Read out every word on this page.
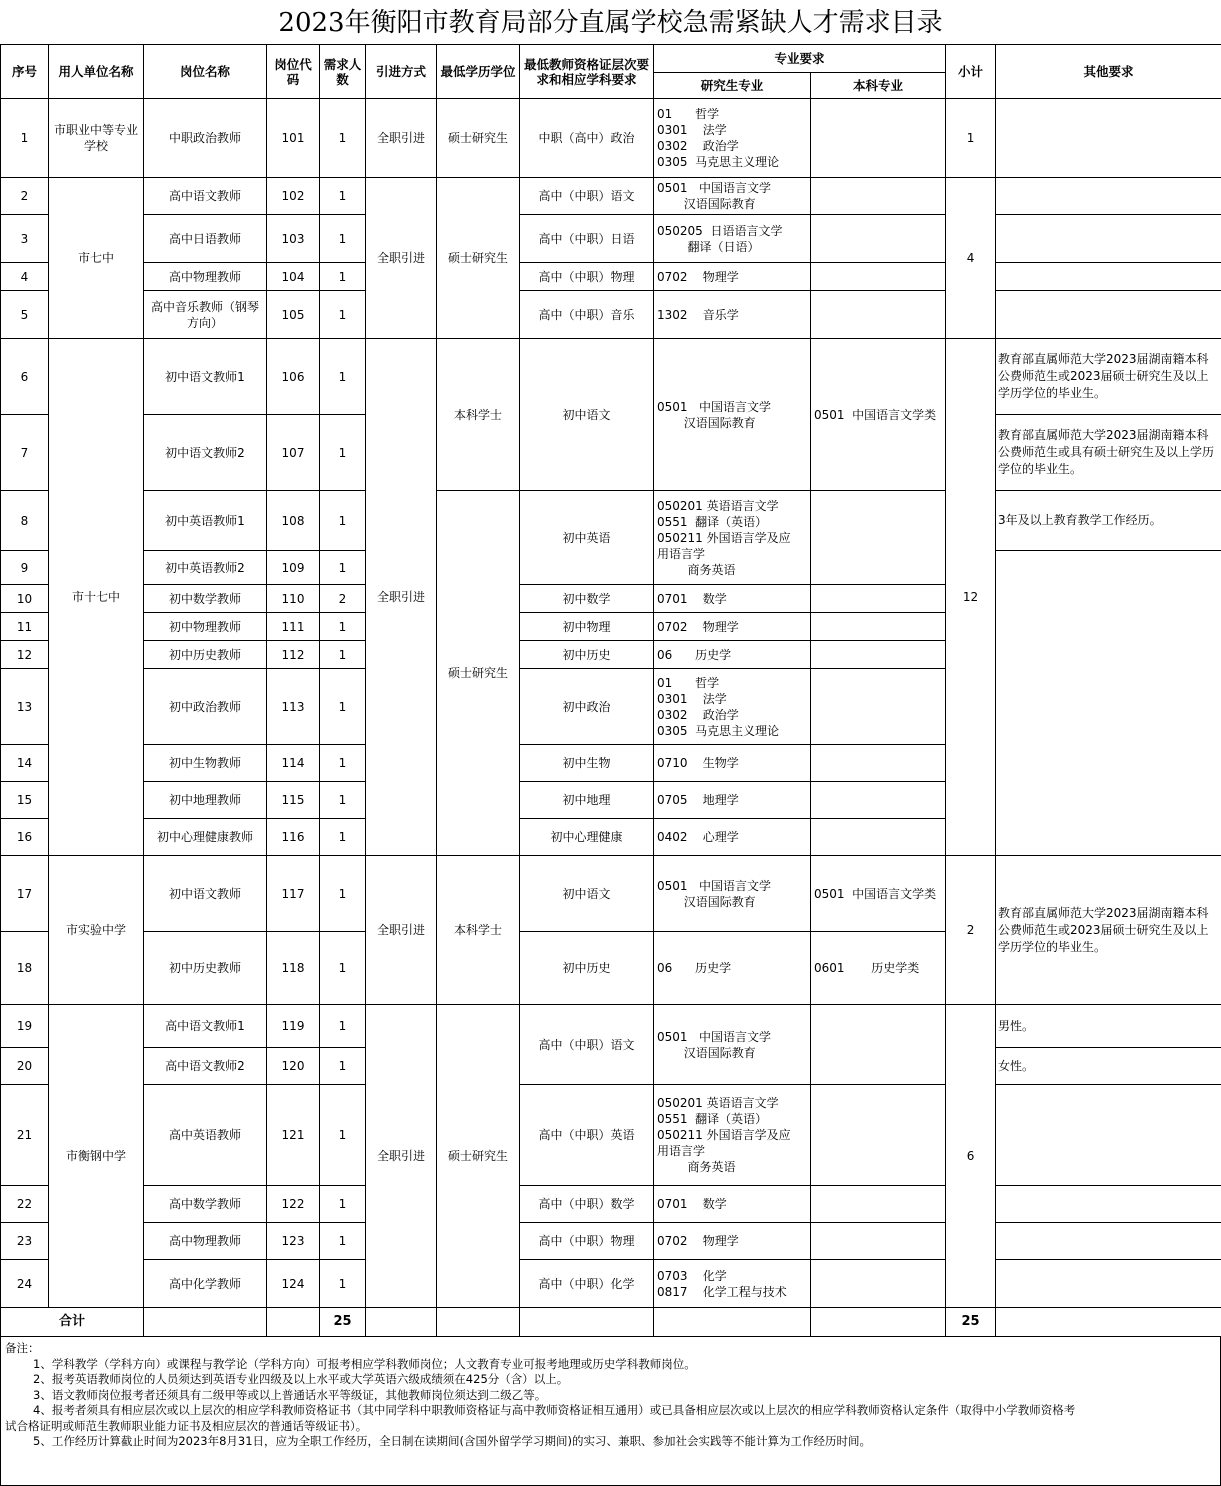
2023年衡阳市教育局部分直属学校急需紧缺人才需求目录
序号	用人单位名称	岗位名称	岗位代码	需求人数	引进方式	最低学历学位	最低教师资格证层次要求和相应学科要求	专业要求		小计	其他要求
								研究生专业	本科专业		
1	市职业中等专业学校	中职政治教师	101	1	全职引进	硕士研究生	中职（高中）政治	01      哲学
0301    法学
0302    政治学
0305  马克思主义理论		1	
2	市七中	高中语文教师	102	1	全职引进	硕士研究生	高中（中职）语文	0501   中国语言文学
汉语国际教育		4	
3		高中日语教师	103	1			高中（中职）日语	050205  日语语言文学
翻译（日语）			
4		高中物理教师	104	1			高中（中职）物理	0702    物理学			
5		高中音乐教师（钢琴方向）	105	1			高中（中职）音乐	1302    音乐学			
6	市十七中	初中语文教师1	106	1	全职引进	本科学士	初中语文	0501   中国语言文学
汉语国际教育	0501  中国语言文学类	12	教育部直属师范大学2023届湖南籍本科公费师范生或2023届硕士研究生及以上学历学位的毕业生。
7		初中语文教师2	107	1							教育部直属师范大学2023届湖南籍本科公费师范生或具有硕士研究生及以上学历学位的毕业生。
8		初中英语教师1	108	1		硕士研究生	初中英语	050201 英语语言文学
0551  翻译（英语）
050211 外国语言学及应
用语言学
商务英语			3年及以上教育教学工作经历。
9		初中英语教师2	109	1							
10		初中数学教师	110	2			初中数学	0701    数学			
11		初中物理教师	111	1			初中物理	0702    物理学			
12		初中历史教师	112	1			初中历史	06      历史学			
13		初中政治教师	113	1			初中政治	01      哲学
0301    法学
0302    政治学
0305  马克思主义理论			
14		初中生物教师	114	1			初中生物	0710    生物学			
15		初中地理教师	115	1			初中地理	0705    地理学			
16		初中心理健康教师	116	1			初中心理健康	0402    心理学			
17	市实验中学	初中语文教师	117	1	全职引进	本科学士	初中语文	0501   中国语言文学
汉语国际教育	0501  中国语言文学类	2	教育部直属师范大学2023届湖南籍本科公费师范生或2023届硕士研究生及以上学历学位的毕业生。
18		初中历史教师	118	1			初中历史	06      历史学	0601       历史学类		
19	市衡钢中学	高中语文教师1	119	1	全职引进	硕士研究生	高中（中职）语文	0501   中国语言文学
汉语国际教育		6	男性。
20		高中语文教师2	120	1							女性。
21		高中英语教师	121	1			高中（中职）英语	050201 英语语言文学
0551  翻译（英语）
050211 外国语言学及应
用语言学
商务英语			
22		高中数学教师	122	1			高中（中职）数学	0701    数学			
23		高中物理教师	123	1			高中（中职）物理	0702    物理学			
24		高中化学教师	124	1			高中（中职）化学	0703    化学
0817    化学工程与技术			
合计				25						25	

备注：

1、学科教学（学科方向）或课程与教学论（学科方向）可报考相应学科教师岗位；人文教育专业可报考地理或历史学科教师岗位。

2、报考英语教师岗位的人员须达到英语专业四级及以上水平或大学英语六级成绩须在425分（含）以上。

3、语文教师岗位报考者还须具有二级甲等或以上普通话水平等级证，其他教师岗位须达到二级乙等。

4、报考者须具有相应层次或以上层次的相应学科教师资格证书（其中同学科中职教师资格证与高中教师资格证相互通用）或已具备相应层次或以上层次的相应学科教师资格认定条件（取得中小学教师资格考

试合格证明或师范生教师职业能力证书及相应层次的普通话等级证书）。

5、工作经历计算截止时间为2023年8月31日，应为全职工作经历，全日制在读期间(含国外留学学习期间)的实习、兼职、参加社会实践等不能计算为工作经历时间。
